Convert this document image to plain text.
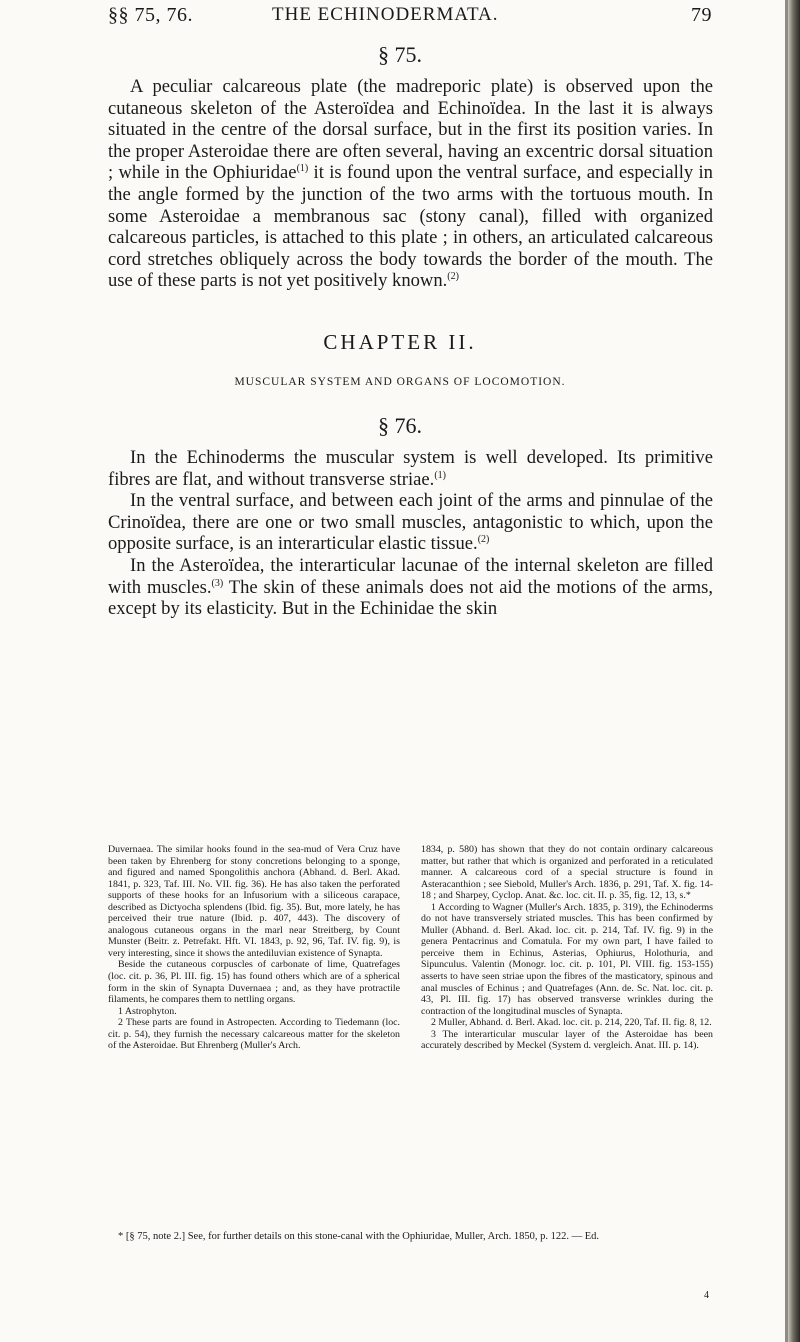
§§ 75, 76.	THE ECHINODERMATA.	79
§ 75.

A peculiar calcareous plate (the madreporic plate) is observed upon the cutaneous skeleton of the Asteroïdea and Echinoïdea. In the last it is always situated in the centre of the dorsal surface, but in the first its position varies. In the proper Asteroidae there are often several, having an excentric dorsal situation ; while in the Ophiuridae$^{(1)}$ it is found upon the ventral surface, and especially in the angle formed by the junction of the two arms with the tortuous mouth. In some Asteroidae a membranous sac (stony canal), filled with organized calcareous particles, is attached to this plate ; in others, an articulated calcareous cord stretches obliquely across the body towards the border of the mouth. The use of these parts is not yet positively known.$^{(2)}$

CHAPTER II.
MUSCULAR SYSTEM AND ORGANS OF LOCOMOTION.
§ 76.

In the Echinoderms the muscular system is well developed. Its primitive fibres are flat, and without transverse striae.$^{(1)}$

In the ventral surface, and between each joint of the arms and pinnulae of the Crinoïdea, there are one or two small muscles, antagonistic to which, upon the opposite surface, is an interarticular elastic tissue.$^{(2)}$

In the Asteroïdea, the interarticular lacunae of the internal skeleton are filled with muscles.$^{(3)}$ The skin of these animals does not aid the motions of the arms, except by its elasticity. But in the Echinidae the skin

Duvernaea. The similar hooks found in the sea-mud of Vera Cruz have been taken by Ehrenberg for stony concretions belonging to a sponge, and figured and named Spongolithis anchora (Abhand. d. Berl. Akad. 1841, p. 323, Taf. III. No. VII. fig. 36). He has also taken the perforated supports of these hooks for an Infusorium with a siliceous carapace, described as Dictyocha splendens (Ibid. fig. 35). But, more lately, he has perceived their true nature (Ibid. p. 407, 443). The discovery of analogous cutaneous organs in the marl near Streitberg, by Count Munster (Beitr. z. Petrefakt. Hft. VI. 1843, p. 92, 96, Taf. IV. fig. 9), is very interesting, since it shows the antediluvian existence of Synapta.

Beside the cutaneous corpuscles of carbonate of lime, Quatrefages (loc. cit. p. 36, Pl. III. fig. 15) has found others which are of a spherical form in the skin of Synapta Duvernaea ; and, as they have protractile filaments, he compares them to nettling organs.

1 Astrophyton.

2 These parts are found in Astropecten. According to Tiedemann (loc. cit. p. 54), they furnish the necessary calcareous matter for the skeleton of the Asteroidae. But Ehrenberg (Muller's Arch.

1834, p. 580) has shown that they do not contain ordinary calcareous matter, but rather that which is organized and perforated in a reticulated manner. A calcareous cord of a special structure is found in Asteracanthion ; see Siebold, Muller's Arch. 1836, p. 291, Taf. X. fig. 14-18 ; and Sharpey, Cyclop. Anat. &c. loc. cit. II. p. 35, fig. 12, 13, s.*

1 According to Wagner (Muller's Arch. 1835, p. 319), the Echinoderms do not have transversely striated muscles. This has been confirmed by Muller (Abhand. d. Berl. Akad. loc. cit. p. 214, Taf. IV. fig. 9) in the genera Pentacrinus and Comatula. For my own part, I have failed to perceive them in Echinus, Asterias, Ophiurus, Holothuria, and Sipunculus. Valentin (Monogr. loc. cit. p. 101, Pl. VIII. fig. 153-155) asserts to have seen striae upon the fibres of the masticatory, spinous and anal muscles of Echinus ; and Quatrefages (Ann. de. Sc. Nat. loc. cit. p. 43, Pl. III. fig. 17) has observed transverse wrinkles during the contraction of the longitudinal muscles of Synapta.

2 Muller, Abhand. d. Berl. Akad. loc. cit. p. 214, 220, Taf. II. fig. 8, 12.

3 The interarticular muscular layer of the Asteroidae has been accurately described by Meckel (System d. vergleich. Anat. III. p. 14).

* [§ 75, note 2.] See, for further details on this stone-canal with the Ophiuridae, Muller, Arch. 1850, p. 122. — Ed.

4
